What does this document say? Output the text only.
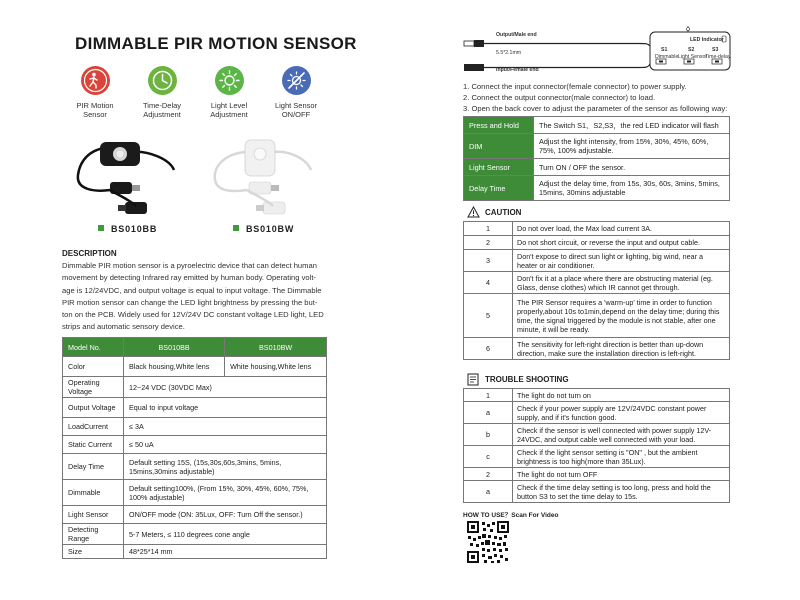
DIMMABLE PIR MOTION SENSOR
PIR Motion
Sensor
Time-Delay
Adjustment
Light Level
Adjustment
Light Sensor
ON/OFF
BS010BB	BS010BW
DESCRIPTION
Dimmable PIR motion sensor is a pyroelectric device that can detect human
movement by detecting Infrared ray emitted by human body. Operating volt-
age is 12/24VDC, and output voltage is equal to input voltage. The Dimmable
PIR motion sensor can change the LED light brightness by pressing the but-
ton on the PCB. Widely used for 12V/24V DC constant voltage LED light, LED
strips and automatic sensory device.
Model No.	BS010BB	BS010BW
Color	Black housing,White lens	White housing,White lens
Operating Voltage	12~24 VDC (30VDC Max)	
Output Voltage	Equal to input voltage	
LoadCurrent	≤ 3A	
Static Current	≤ 50 uA	
Delay Time	Default setting 15S, (15s,30s,60s,3mins, 5mins, 15mins,30mins adjustable)	
Dimmable	Default setting100%, (From 15%, 30%, 45%, 60%, 75%, 100% adjustable)	
Light Sensor	ON/OFF mode (ON: 35Lux, OFF: Turn Off the sensor.)	
Detecting Range	5-7 Meters, ≤ 110 degrees cone angle	
Size	48*25*14 mm	
Output/Male end
5.5*2.1mm
Input/Female end
LED Indicator
S1	S2	S3
Dimmable Light Sensor
Time-delay
1. Connect the input connector(female connector) to power supply.
2. Connect the output connector(male connector) to load.
3. Open the back cover to adjust the parameter of the sensor as following way:
Press and Hold	The Switch S1、S2,S3，the red LED indicator will flash
DIM	Adjust the light intensity, from 15%, 30%, 45%, 60%, 75%, 100% adjustable.
Light Sensor	Turn ON / OFF the sensor.
Delay Time	Adjust the delay time, from 15s, 30s, 60s, 3mins, 5mins, 15mins, 30mins adjustable
CAUTION
1	Do not over load, the Max load current 3A.
2	Do not short circuit, or reverse the input and output cable.
3	Don't expose to direct sun light or lighting, big wind, near a heater or air conditioner.
4	Don't fix it at a place where there are obstructing material (eg. Glass, dense clothes) which IR cannot get through.
5	The PIR Sensor requires a 'warm-up' time in order to function properly,about 10s to1min,depend on the delay time; during this time, the signal triggered by the module is not stable, after one minute, it will be ready.
6	The sensitivity for left-right direction is better than up-down direction, make sure the installation direction is left-right.
TROUBLE SHOOTING
1	The light do not turn on
a	Check if your power supply are 12V/24VDC constant power supply, and if it's function good.
b	Check if the sensor is well connected with power supply 12V-24VDC, and output cable well connected with your load.
c	Check if the light sensor setting is "ON" , but the ambient brightness is too high(more than 35Lux).
2	The light do not turn OFF
a	Check if the time delay setting is too long, press and hold the button S3 to set the time delay to 15s.
HOW TO USE？Scan For Video
